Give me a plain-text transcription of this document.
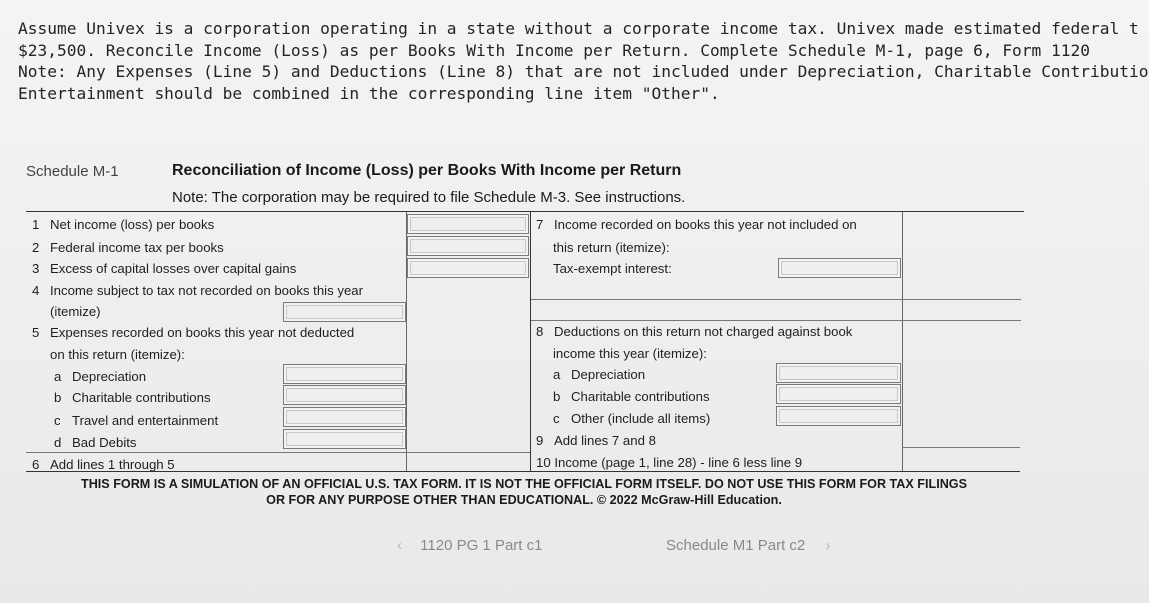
Assume Univex is a corporation operating in a state without a corporate income tax. Univex made estimated federal t
$23,500. Reconcile Income (Loss) as per Books With Income per Return. Complete Schedule M-1, page 6, Form 1120
Note: Any Expenses (Line 5) and Deductions (Line 8) that are not included under Depreciation, Charitable Contributio
Entertainment should be combined in the corresponding line item "Other".
Schedule M-1	Reconciliation of Income (Loss) per Books With Income per Return
Note: The corporation may be required to file Schedule M-3. See instructions.
1 Net income (loss) per books
2 Federal income tax per books
3 Excess of capital losses over capital gains
4 Income subject to tax not recorded on books this year
(itemize)
5 Expenses recorded on books this year not deducted
on this return (itemize):
a Depreciation
b Charitable contributions
c Travel and entertainment
d Bad Debits
6 Add lines 1 through 5
7 Income recorded on books this year not included on
this return (itemize):
Tax-exempt interest:
8 Deductions on this return not charged against book
income this year (itemize):
a Depreciation
b Charitable contributions
c Other (include all items)
9 Add lines 7 and 8
10 Income (page 1, line 28) - line 6 less line 9
THIS FORM IS A SIMULATION OF AN OFFICIAL U.S. TAX FORM. IT IS NOT THE OFFICIAL FORM ITSELF. DO NOT USE THIS FORM FOR TAX FILINGS
OR FOR ANY PURPOSE OTHER THAN EDUCATIONAL. © 2022 McGraw-Hill Education.
‹ 1120 PG 1 Part c1	Schedule M1 Part c2 ›
